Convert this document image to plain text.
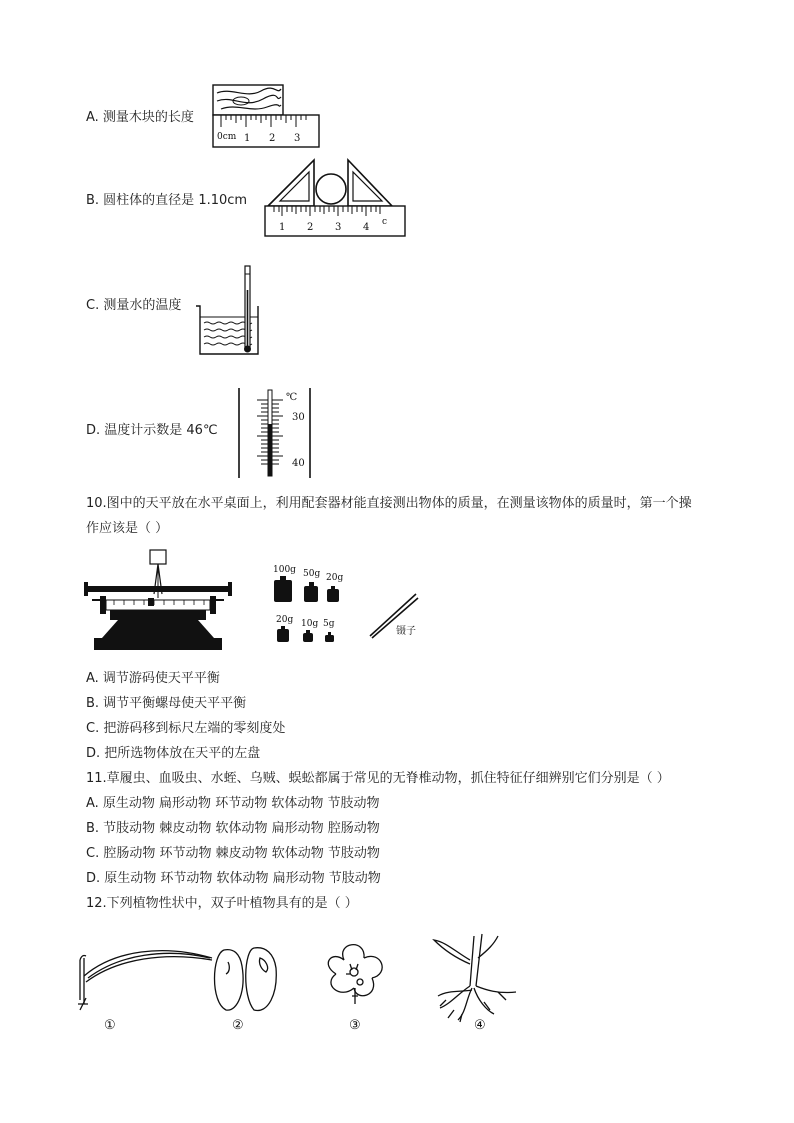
A. 测量木块的长度
0cm 1 2 3
B. 圆柱体的直径是 1.10cm
1 2 3 4 c
C. 测量水的温度
D. 温度计示数是 46℃
℃
30
40
10.图中的天平放在水平桌面上，利用配套器材能直接测出物体的质量，在测量该物体的质量时，第一个操
作应该是（ ）
100g 50g 20g
20g 10g 5g
镊子
A. 调节游码使天平平衡
B. 调节平衡螺母使天平平衡
C. 把游码移到标尺左端的零刻度处
D. 把所选物体放在天平的左盘
11.草履虫、血吸虫、水蛭、乌贼、蜈蚣都属于常见的无脊椎动物，抓住特征仔细辨别它们分别是（ ）
A. 原生动物 扁形动物 环节动物 软体动物 节肢动物
B. 节肢动物 棘皮动物 软体动物 扁形动物 腔肠动物
C. 腔肠动物 环节动物 棘皮动物 软体动物 节肢动物
D. 原生动物 环节动物 软体动物 扁形动物 节肢动物
12.下列植物性状中，双子叶植物具有的是（ ）
①	②	③	④
